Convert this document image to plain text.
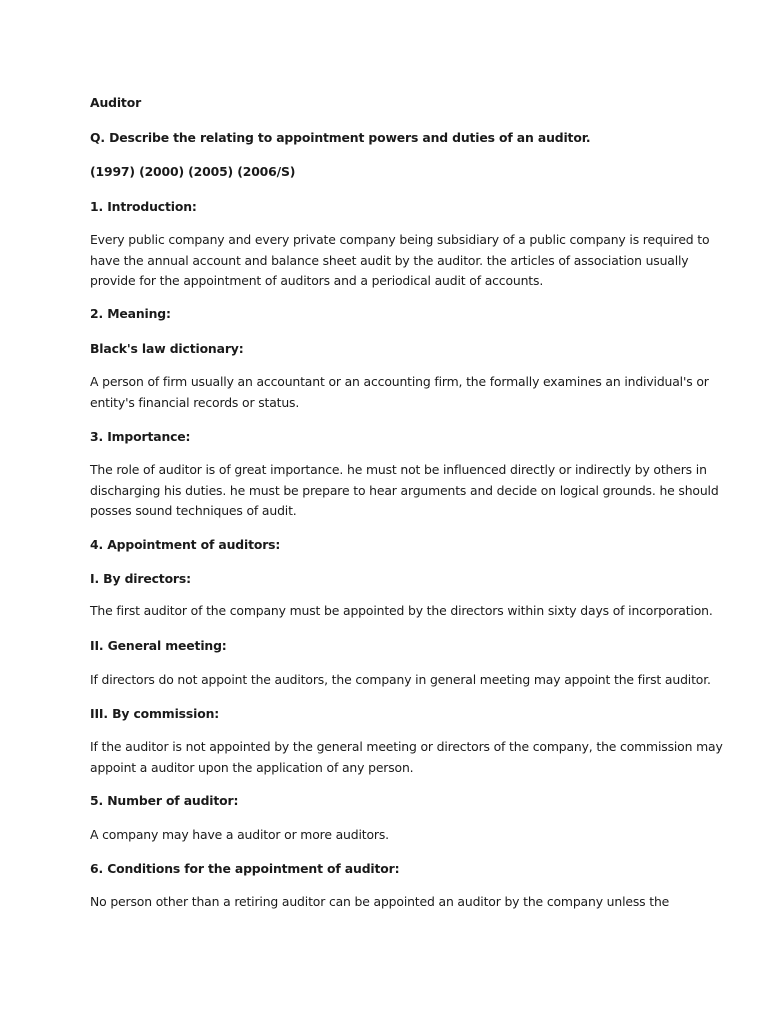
Auditor

Q. Describe the relating to appointment powers and duties of an auditor.

(1997) (2000) (2005) (2006/S)

1. Introduction:

Every public company and every private company being subsidiary of a public company is required to
have the annual account and balance sheet audit by the auditor. the articles of association usually
provide for the appointment of auditors and a periodical audit of accounts.

2. Meaning:

Black's law dictionary:

A person of firm usually an accountant or an accounting firm, the formally examines an individual's or
entity's financial records or status.

3. Importance:

The role of auditor is of great importance. he must not be influenced directly or indirectly by others in
discharging his duties. he must be prepare to hear arguments and decide on logical grounds. he should
posses sound techniques of audit.

4. Appointment of auditors:

I. By directors:

The first auditor of the company must be appointed by the directors within sixty days of incorporation.

II. General meeting:

If directors do not appoint the auditors, the company in general meeting may appoint the first auditor.

III. By commission:

If the auditor is not appointed by the general meeting or directors of the company, the commission may
appoint a auditor upon the application of any person.

5. Number of auditor:

A company may have a auditor or more auditors.

6. Conditions for the appointment of auditor:

No person other than a retiring auditor can be appointed an auditor by the company unless the
